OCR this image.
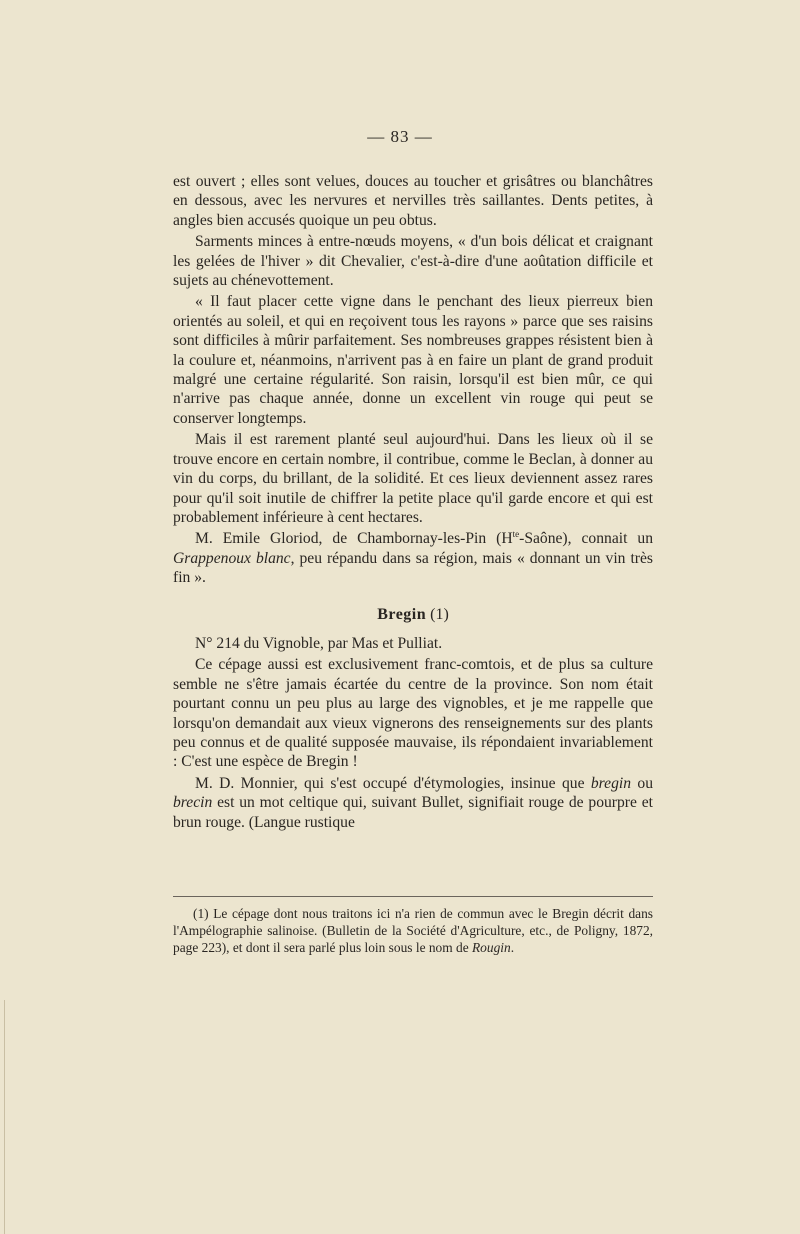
— 83 —

est ouvert ; elles sont velues, douces au toucher et grisâtres ou blanchâtres en dessous, avec les nervures et nervilles très saillantes. Dents petites, à angles bien accusés quoique un peu obtus.

Sarments minces à entre-nœuds moyens, « d'un bois délicat et craignant les gelées de l'hiver » dit Chevalier, c'est-à-dire d'une aoûtation difficile et sujets au chénevottement.

« Il faut placer cette vigne dans le penchant des lieux pierreux bien orientés au soleil, et qui en reçoivent tous les rayons » parce que ses raisins sont difficiles à mûrir parfaitement. Ses nombreuses grappes résistent bien à la coulure et, néanmoins, n'arrivent pas à en faire un plant de grand produit malgré une certaine régularité. Son raisin, lorsqu'il est bien mûr, ce qui n'arrive pas chaque année, donne un excellent vin rouge qui peut se conserver longtemps.

Mais il est rarement planté seul aujourd'hui. Dans les lieux où il se trouve encore en certain nombre, il contribue, comme le Beclan, à donner au vin du corps, du brillant, de la solidité. Et ces lieux deviennent assez rares pour qu'il soit inutile de chiffrer la petite place qu'il garde encore et qui est probablement inférieure à cent hectares.

M. Emile Gloriod, de Chambornay-les-Pin $(H^{te}-Saône)$, connait un Grappenoux blanc, peu répandu dans sa région, mais « donnant un vin très fin ».

Bregin (1)

N° 214 du Vignoble, par Mas et Pulliat.

Ce cépage aussi est exclusivement franc-comtois, et de plus sa culture semble ne s'être jamais écartée du centre de la province. Son nom était pourtant connu un peu plus au large des vignobles, et je me rappelle que lorsqu'on demandait aux vieux vignerons des renseignements sur des plants peu connus et de qualité supposée mauvaise, ils répondaient invariablement : C'est une espèce de Bregin !

M. D. Monnier, qui s'est occupé d'étymologies, insinue que bregin ou brecin est un mot celtique qui, suivant Bullet, signifiait rouge de pourpre et brun rouge. (Langue rustique

(1) Le cépage dont nous traitons ici n'a rien de commun avec le Bregin décrit dans l'Ampélographie salinoise. (Bulletin de la Société d'Agriculture, etc., de Poligny, 1872, page 223), et dont il sera parlé plus loin sous le nom de Rougin.
